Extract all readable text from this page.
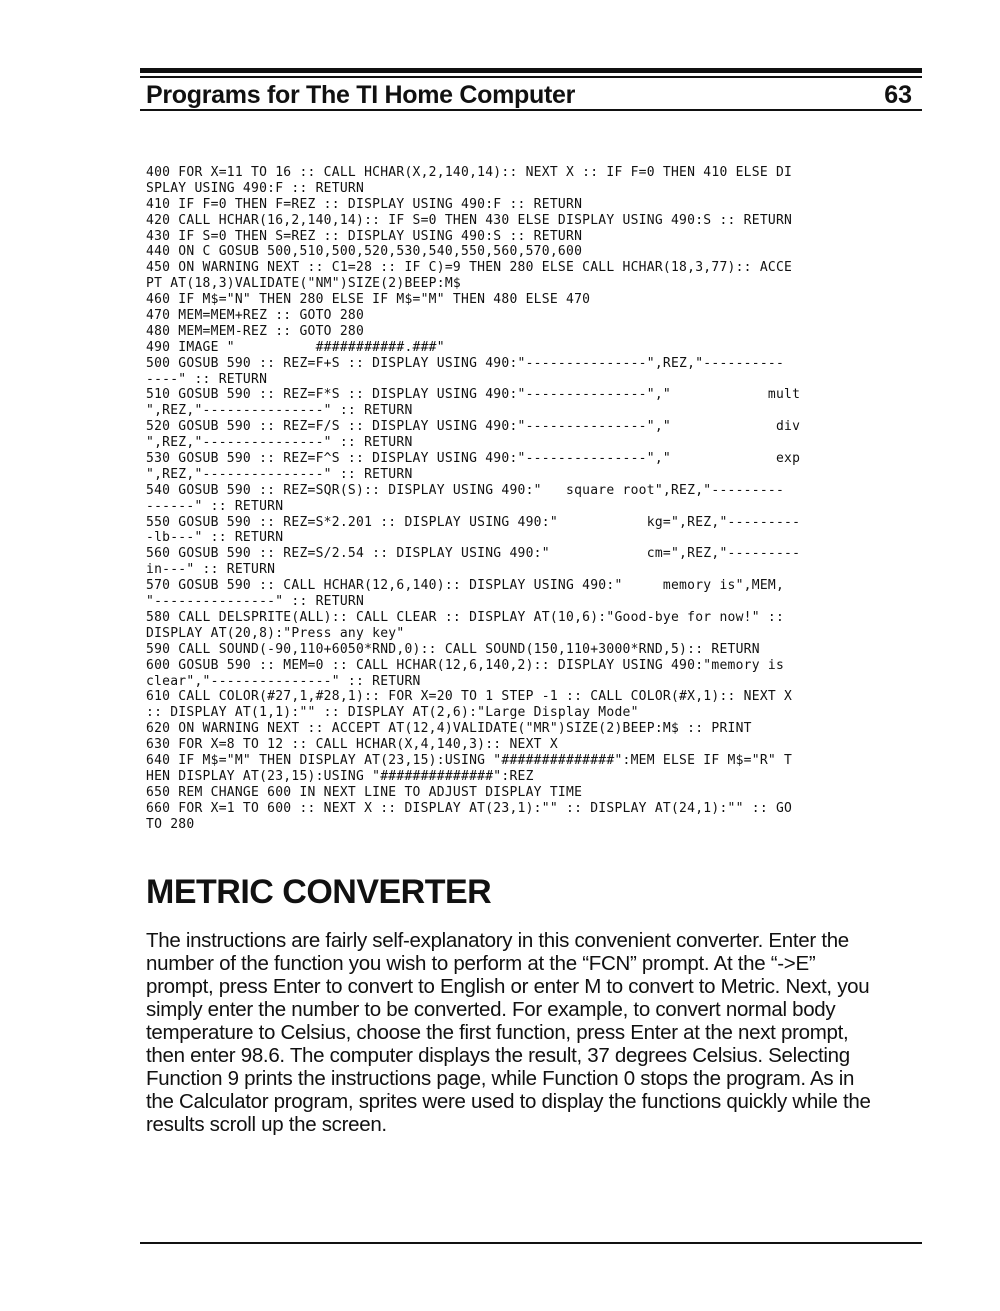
Programs for The TI Home Computer	63
400 FOR X=11 TO 16 :: CALL HCHAR(X,2,140,14):: NEXT X :: IF F=0 THEN 410 ELSE DI
SPLAY USING 490:F :: RETURN
410 IF F=0 THEN F=REZ :: DISPLAY USING 490:F :: RETURN
420 CALL HCHAR(16,2,140,14):: IF S=0 THEN 430 ELSE DISPLAY USING 490:S :: RETURN
430 IF S=0 THEN S=REZ :: DISPLAY USING 490:S :: RETURN
440 ON C GOSUB 500,510,500,520,530,540,550,560,570,600
450 ON WARNING NEXT :: C1=28 :: IF C)=9 THEN 280 ELSE CALL HCHAR(18,3,77):: ACCE
PT AT(18,3)VALIDATE("NM")SIZE(2)BEEP:M$
460 IF M$="N" THEN 280 ELSE IF M$="M" THEN 480 ELSE 470
470 MEM=MEM+REZ :: GOTO 280
480 MEM=MEM-REZ :: GOTO 280
490 IMAGE "          ###########.###"
500 GOSUB 590 :: REZ=F+S :: DISPLAY USING 490:"---------------",REZ,"----------
----" :: RETURN
510 GOSUB 590 :: REZ=F*S :: DISPLAY USING 490:"---------------","            mult
",REZ,"---------------" :: RETURN
520 GOSUB 590 :: REZ=F/S :: DISPLAY USING 490:"---------------","             div
",REZ,"---------------" :: RETURN
530 GOSUB 590 :: REZ=F^S :: DISPLAY USING 490:"---------------","             exp
",REZ,"---------------" :: RETURN
540 GOSUB 590 :: REZ=SQR(S):: DISPLAY USING 490:"   square root",REZ,"---------
------" :: RETURN
550 GOSUB 590 :: REZ=S*2.201 :: DISPLAY USING 490:"           kg=",REZ,"---------
-lb---" :: RETURN
560 GOSUB 590 :: REZ=S/2.54 :: DISPLAY USING 490:"            cm=",REZ,"---------
in---" :: RETURN
570 GOSUB 590 :: CALL HCHAR(12,6,140):: DISPLAY USING 490:"     memory is",MEM,
"---------------" :: RETURN
580 CALL DELSPRITE(ALL):: CALL CLEAR :: DISPLAY AT(10,6):"Good-bye for now!" ::
DISPLAY AT(20,8):"Press any key"
590 CALL SOUND(-90,110+6050*RND,0):: CALL SOUND(150,110+3000*RND,5):: RETURN
600 GOSUB 590 :: MEM=0 :: CALL HCHAR(12,6,140,2):: DISPLAY USING 490:"memory is
clear","---------------" :: RETURN
610 CALL COLOR(#27,1,#28,1):: FOR X=20 TO 1 STEP -1 :: CALL COLOR(#X,1):: NEXT X
:: DISPLAY AT(1,1):"" :: DISPLAY AT(2,6):"Large Display Mode"
620 ON WARNING NEXT :: ACCEPT AT(12,4)VALIDATE("MR")SIZE(2)BEEP:M$ :: PRINT
630 FOR X=8 TO 12 :: CALL HCHAR(X,4,140,3):: NEXT X
640 IF M$="M" THEN DISPLAY AT(23,15):USING "##############":MEM ELSE IF M$="R" T
HEN DISPLAY AT(23,15):USING "##############":REZ
650 REM CHANGE 600 IN NEXT LINE TO ADJUST DISPLAY TIME
660 FOR X=1 TO 600 :: NEXT X :: DISPLAY AT(23,1):"" :: DISPLAY AT(24,1):"" :: GO
TO 280
METRIC CONVERTER
The instructions are fairly self-explanatory in this convenient converter. Enter the
number of the function you wish to perform at the “FCN” prompt. At the “->E”
prompt, press Enter to convert to English or enter M to convert to Metric. Next, you
simply enter the number to be converted. For example, to convert normal body
temperature to Celsius, choose the first function, press Enter at the next prompt,
then enter 98.6. The computer displays the result, 37 degrees Celsius. Selecting
Function 9 prints the instructions page, while Function 0 stops the program. As in
the Calculator program, sprites were used to display the functions quickly while the
results scroll up the screen.
